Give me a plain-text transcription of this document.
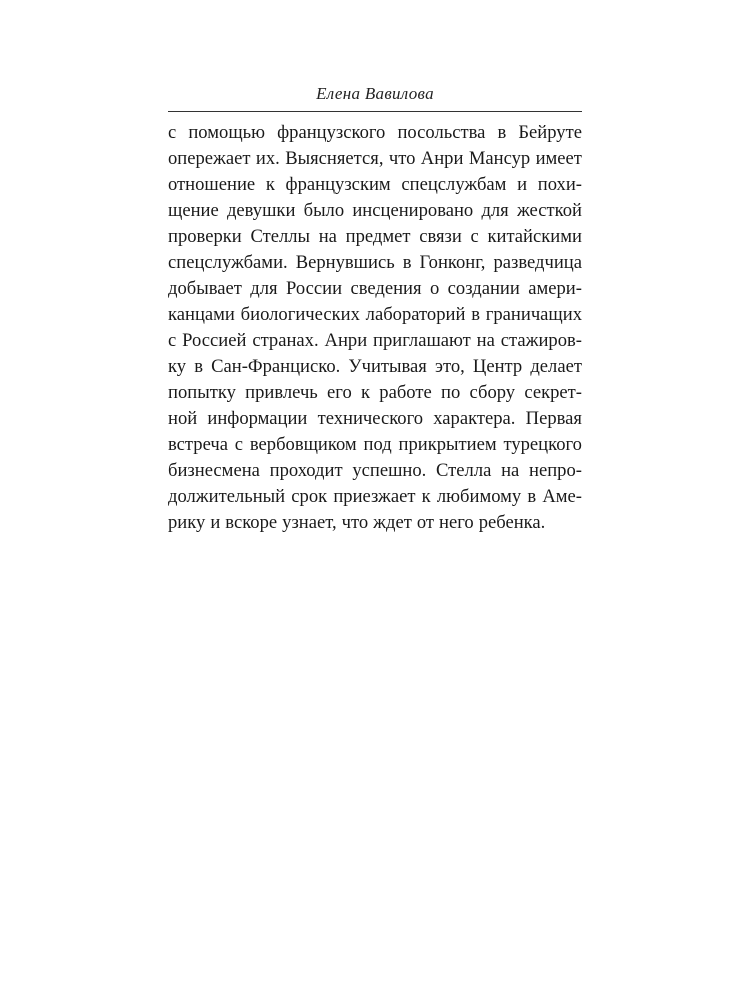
Елена Вавилова
с помощью французского посольства в Бейруте
опережает их. Выясняется, что Анри Мансур имеет
отношение к французским спецслужбам и похи-
щение девушки было инсценировано для жесткой
проверки Стеллы на предмет связи с китайскими
спецслужбами. Вернувшись в Гонконг, разведчица
добывает для России сведения о создании амери-
канцами биологических лабораторий в граничащих
с Россией странах. Анри приглашают на стажиров-
ку в Сан-Франциско. Учитывая это, Центр делает
попытку привлечь его к работе по сбору секрет-
ной информации технического характера. Первая
встреча с вербовщиком под прикрытием турецкого
бизнесмена проходит успешно. Стелла на непро-
должительный срок приезжает к любимому в Аме-
рику и вскоре узнает, что ждет от него ребенка.
